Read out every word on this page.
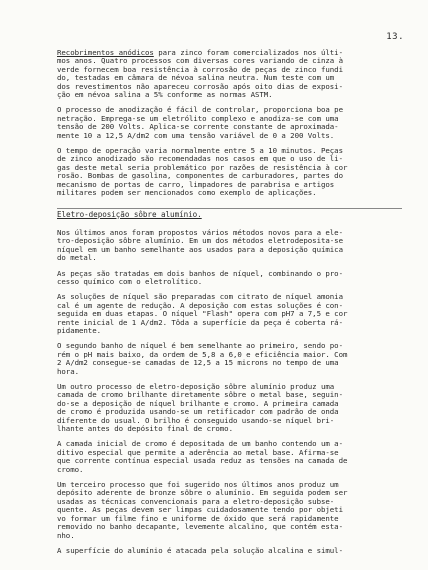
13.
Recobrimentos anódicos para zinco foram comercializados nos últi-
mos anos. Quatro processos com diversas cores variando de cinza à
verde fornecem boa resistência à corrosão de peças de zinco fundi
do, testadas em câmara de névoa salina neutra. Num teste com um
dos revestimentos não apareceu corrosão após oito dias de exposi-
ção em névoa salina a 5% conforme as normas ASTM.
O processo de anodização é fácil de controlar, proporciona boa pe
netração. Emprega-se um eletrólito complexo e anodiza-se com uma
tensão de 200 Volts. Aplica-se corrente constante de aproximada-
mente 10 a 12,5 A/dm2 com uma tensão variável de 0 a 200 Volts.
O tempo de operação varia normalmente entre 5 a 10 minutos. Peças
de zinco anodizado são recomendadas nos casos em que o uso de li-
gas deste metal seria problemático por razões de resistência à cor
rosão. Bombas de gasolina, componentes de carburadores, partes do
mecanismo de portas de carro, limpadores de parabrisa e artigos
militares podem ser mencionados como exemplo de aplicações.
Eletro-deposição sôbre alumínio.
Nos últimos anos foram propostos vários métodos novos para a ele-
tro-deposição sôbre alumínio. Em um dos métodos eletrodeposita-se
níquel em um banho semelhante aos usados para a deposição química
do metal.
As peças são tratadas em dois banhos de níquel, combinando o pro-
cesso químico com o eletrolítico.
As soluções de níquel são preparadas com citrato de níquel amonia
cal é um agente de redução. A deposição com estas soluções é con-
seguida em duas etapas. O níquel "Flash" opera com pH7 a 7,5 e cor
rente inicial de 1 A/dm2. Tôda a superfície da peça é coberta rá-
pidamente.
O segundo banho de níquel é bem semelhante ao primeiro, sendo po-
rém o pH mais baixo, da ordem de 5,8 a 6,0 e eficiência maior. Com
2 A/dm2 consegue-se camadas de 12,5 a 15 microns no tempo de uma
hora.
Um outro processo de eletro-deposição sôbre alumínio produz uma
camada de cromo brilhante diretamente sôbre o metal base, seguin-
do-se a deposição de níquel brilhante e cromo. A primeira camada
de cromo é produzida usando-se um retificador com padrão de onda
diferente do usual. O brilho é conseguido usando-se níquel bri-
lhante antes do depósito final de cromo.
A camada inicial de cromo é depositada de um banho contendo um a-
ditivo especial que permite a aderência ao metal base. Afirma-se
que corrente contínua especial usada reduz as tensões na camada de
cromo.
Um terceiro processo que foi sugerido nos últimos anos produz um
depósito aderente de bronze sôbre o alumínio. Em seguida podem ser
usadas as técnicas convencionais para a eletro-deposição subse-
quente. As peças devem ser limpas cuidadosamente tendo por objeti
vo formar um filme fino e uniforme de óxido que será rapidamente
removido no banho decapante, levemente alcalino, que contém esta-
nho.
A superfície do alumínio é atacada pela solução alcalina e simul-
